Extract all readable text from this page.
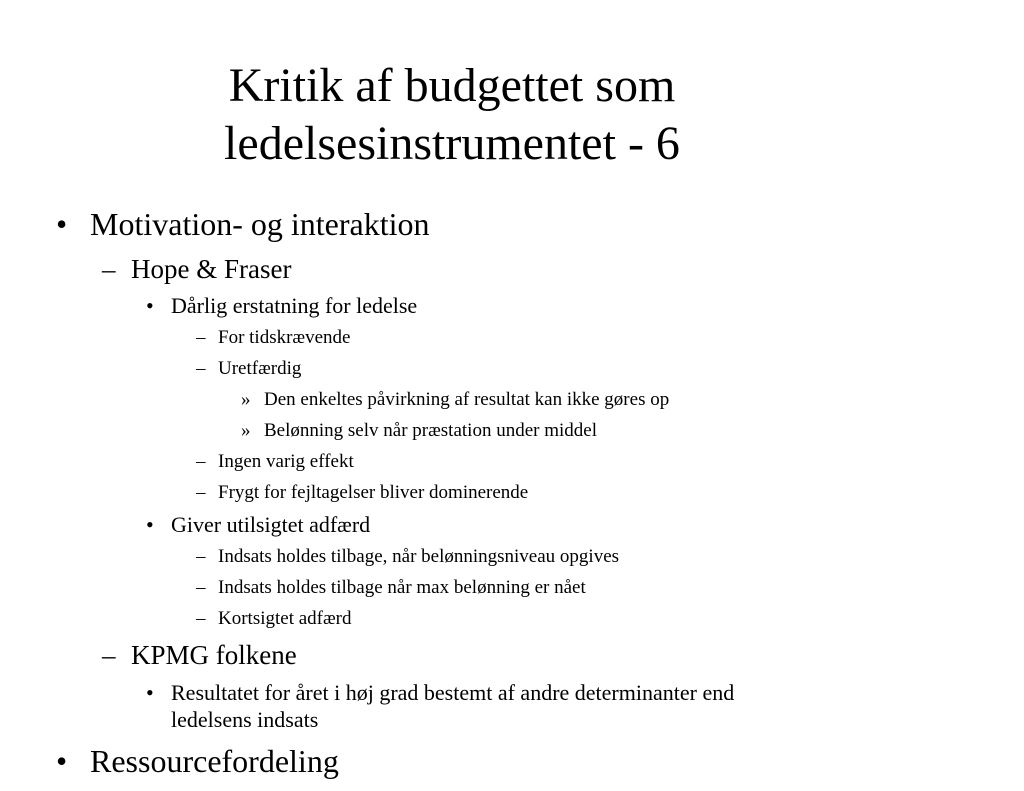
Kritik af budgettet som
ledelsesinstrumentet - 6
• Motivation- og interaktion
– Hope & Fraser
• Dårlig erstatning for ledelse
– For tidskrævende
– Uretfærdig
» Den enkeltes påvirkning af resultat kan ikke gøres op
» Belønning selv når præstation under middel
– Ingen varig effekt
– Frygt for fejltagelser bliver dominerende
• Giver utilsigtet adfærd
– Indsats holdes tilbage, når belønningsniveau opgives
– Indsats holdes tilbage når max belønning er nået
– Kortsigtet adfærd
– KPMG folkene
• Resultatet for året i høj grad bestemt af andre determinanter end
ledelsens indsats
• Ressourcefordeling
